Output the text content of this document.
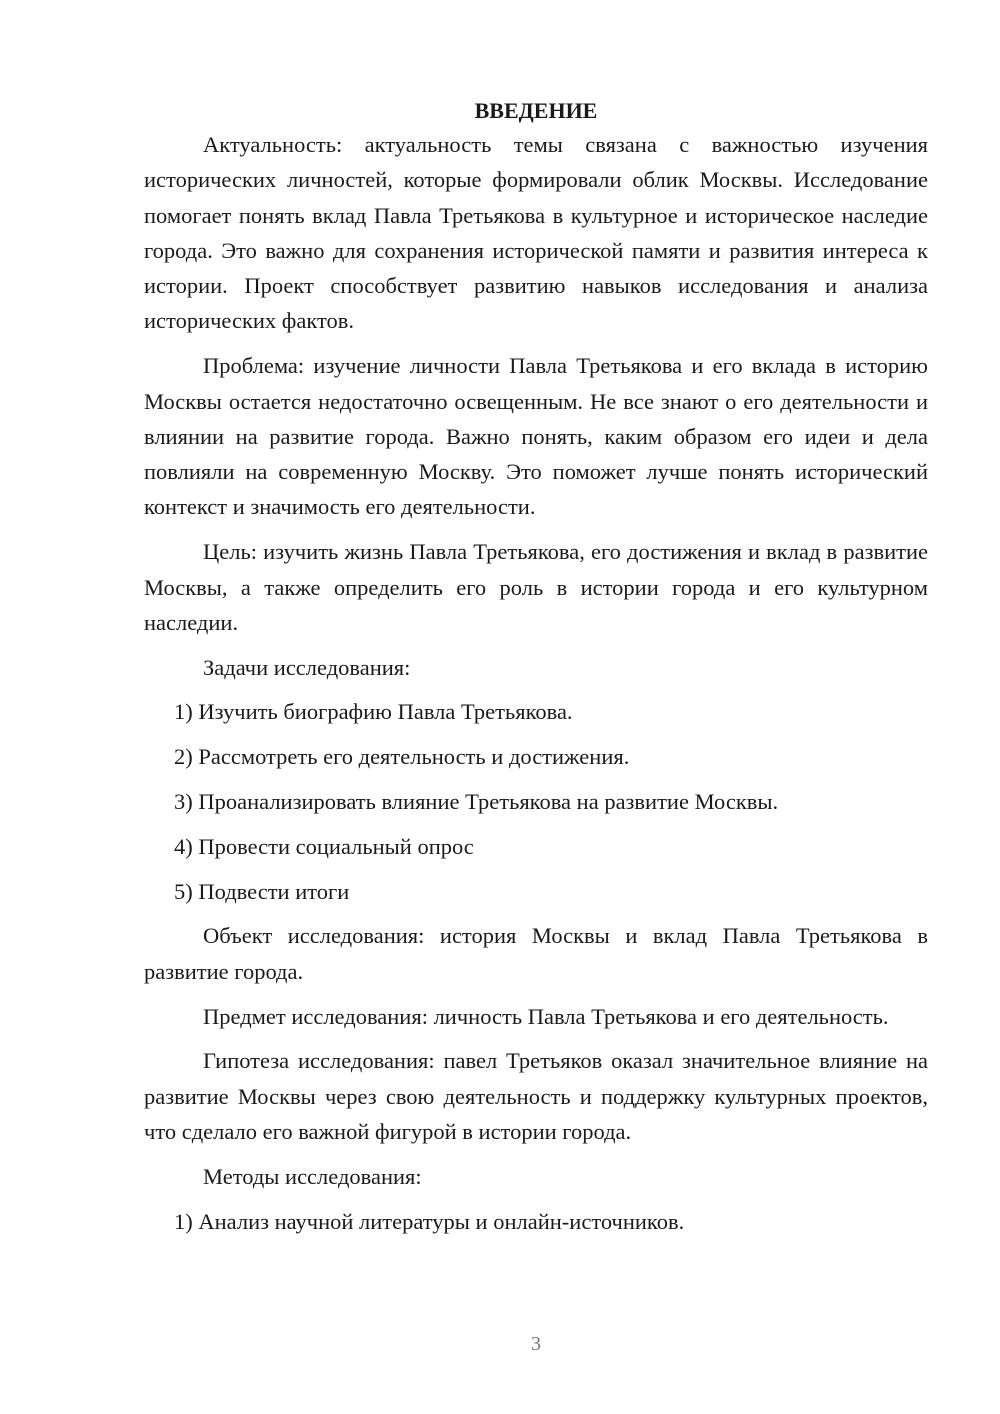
ВВЕДЕНИЕ

Актуальность: актуальность темы связана с важностью изучения исторических личностей, которые формировали облик Москвы. Исследование помогает понять вклад Павла Третьякова в культурное и историческое наследие города. Это важно для сохранения исторической памяти и развития интереса к истории. Проект способствует развитию навыков исследования и анализа исторических фактов.

Проблема: изучение личности Павла Третьякова и его вклада в историю Москвы остается недостаточно освещенным. Не все знают о его деятельности и влиянии на развитие города. Важно понять, каким образом его идеи и дела повлияли на современную Москву. Это поможет лучше понять исторический контекст и значимость его деятельности.

Цель: изучить жизнь Павла Третьякова, его достижения и вклад в развитие Москвы, а также определить его роль в истории города и его культурном наследии.

Задачи исследования:

1) Изучить биографию Павла Третьякова.
2) Рассмотреть его деятельность и достижения.
3) Проанализировать влияние Третьякова на развитие Москвы.
4) Провести социальный опрос
5) Подвести итоги

Объект исследования: история Москвы и вклад Павла Третьякова в развитие города.

Предмет исследования: личность Павла Третьякова и его деятельность.

Гипотеза исследования: павел Третьяков оказал значительное влияние на развитие Москвы через свою деятельность и поддержку культурных проектов, что сделало его важной фигурой в истории города.

Методы исследования:

1) Анализ научной литературы и онлайн-источников.
3
